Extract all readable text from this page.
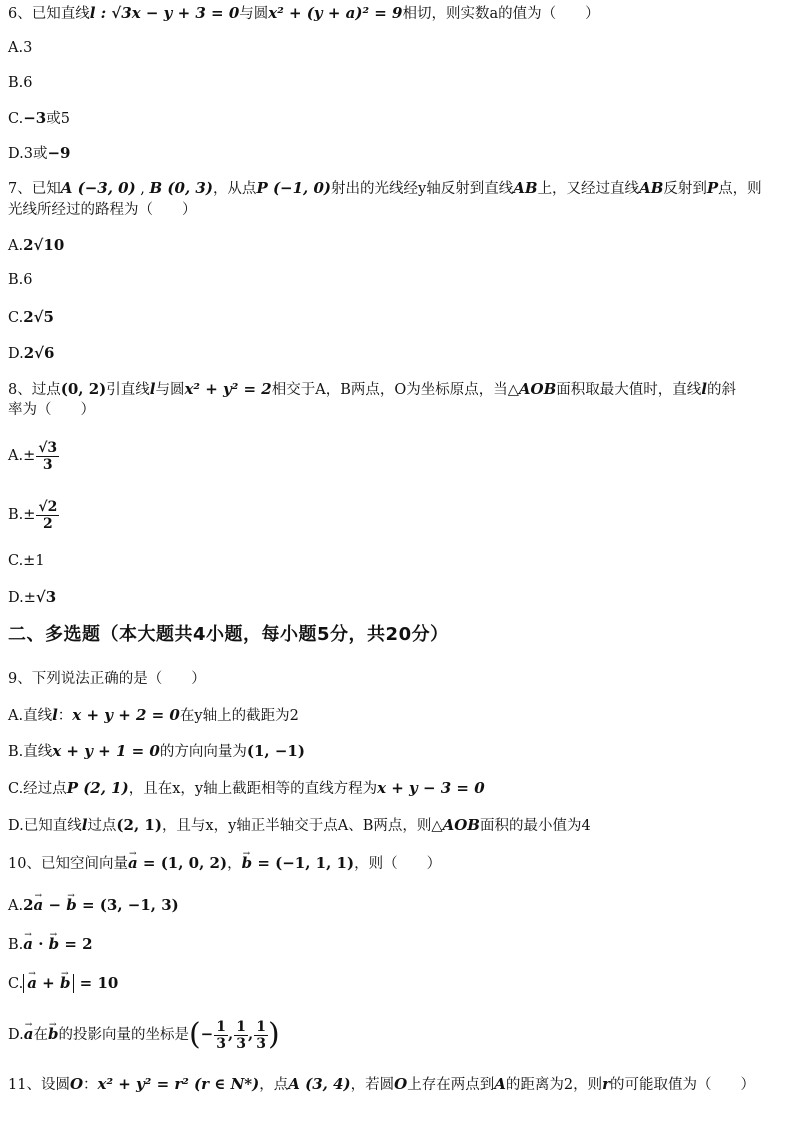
6、已知直线l : √3x − y + 3 = 0与圆x² + (y + a)² = 9相切，则实数a的值为（　　）
A.3
B.6
C.−3或5
D.3或−9
7、已知A (−3, 0) , B (0, 3)，从点P (−1, 0)射出的光线经y轴反射到直线AB上，又经过直线AB反射到P点，则
光线所经过的路程为（　　）
A.2√10
B.6
C.2√5
D.2√6
8、过点(0, 2)引直线l与圆x² + y² = 2相交于A，B两点，O为坐标原点，当△AOB面积取最大值时，直线l的斜
率为（　　）
$A.\pm \frac{√3}{3}$
$B.\pm \frac{√2}{2}$
C.±1
D.±√3
二、多选题（本大题共4小题，每小题5分，共20分）
9、下列说法正确的是（　　）
A.直线l：x + y + 2 = 0在y轴上的截距为2
B.直线x + y + 1 = 0的方向向量为(1, −1)
C.经过点P (2, 1)，且在x，y轴上截距相等的直线方程为x + y − 3 = 0
D.已知直线l过点(2, 1)，且与x，y轴正半轴交于点A、B两点，则△AOB面积的最小值为4
10、已知空间向量→ a = (1, 0, 2)，→ b = (−1, 1, 1)，则（　　）
A.2→ a − → b = (3, −1, 3)
B.→ a · → b = 2
C.→ a + → b = 10
D.→ a在→ b的投影向量的坐标是(− $\frac{1}{3}$ , $\frac{1}{3}$ , $\frac{1}{3}$ )
11、设圆O：x² + y² = r² (r ∈ N*)，点A (3, 4)，若圆O上存在两点到A的距离为2，则r的可能取值为（　　）
